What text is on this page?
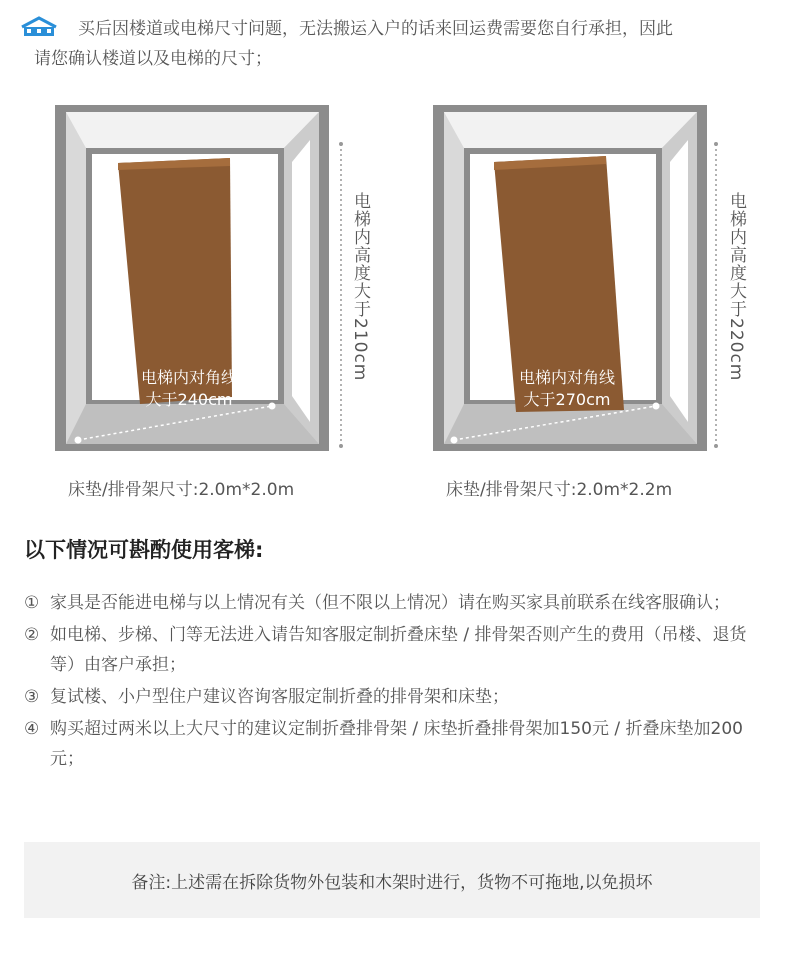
买后因楼道或电梯尺寸问题，无法搬运入户的话来回运费需要您自行承担，因此

请您确认楼道以及电梯的尺寸；

电梯内对角线
大于240cm
电梯内高度大于210cm	电梯内对角线
大于270cm
电梯内高度大于220cm
床垫/排骨架尺寸:2.0m*2.0m	床垫/排骨架尺寸:2.0m*2.2m
以下情况可斟酌使用客梯:
① 家具是否能进电梯与以上情况有关（但不限以上情况）请在购买家具前联系在线客服确认；
② 如电梯、步梯、门等无法进入请告知客服定制折叠床垫 / 排骨架否则产生的费用（吊楼、退货等）由客户承担；
③ 复试楼、小户型住户建议咨询客服定制折叠的排骨架和床垫；
④ 购买超过两米以上大尺寸的建议定制折叠排骨架 / 床垫折叠排骨架加150元 / 折叠床垫加200元；
备注:上述需在拆除货物外包装和木架时进行，货物不可拖地,以免损坏
